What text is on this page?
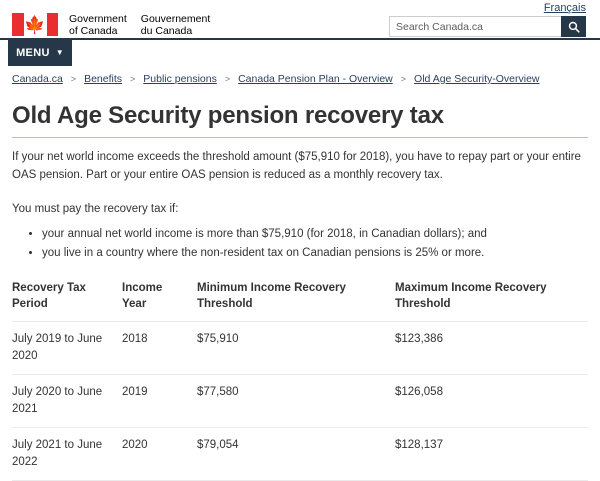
Français
🍁 Government
of Canada
Gouvernement
du Canada
Search Canada.ca
MENU ▼
Canada.ca > Benefits > Public pensions > Canada Pension Plan - Overview > Old Age Security-Overview
Old Age Security pension recovery tax

If your net world income exceeds the threshold amount ($75,910 for 2018), you have to repay part or your entire OAS pension. Part or your entire OAS pension is reduced as a monthly recovery tax.

You must pay the recovery tax if:

• your annual net world income is more than $75,910 (for 2018, in Canadian dollars); and
• you live in a country where the non-resident tax on Canadian pensions is 25% or more.
Recovery Tax Period	Income Year	Minimum Income Recovery Threshold	Maximum Income Recovery Threshold
July 2019 to June 2020	2018	$75,910	$123,386
July 2020 to June 2021	2019	$77,580	$126,058
July 2021 to June 2022	2020	$79,054	$128,137
